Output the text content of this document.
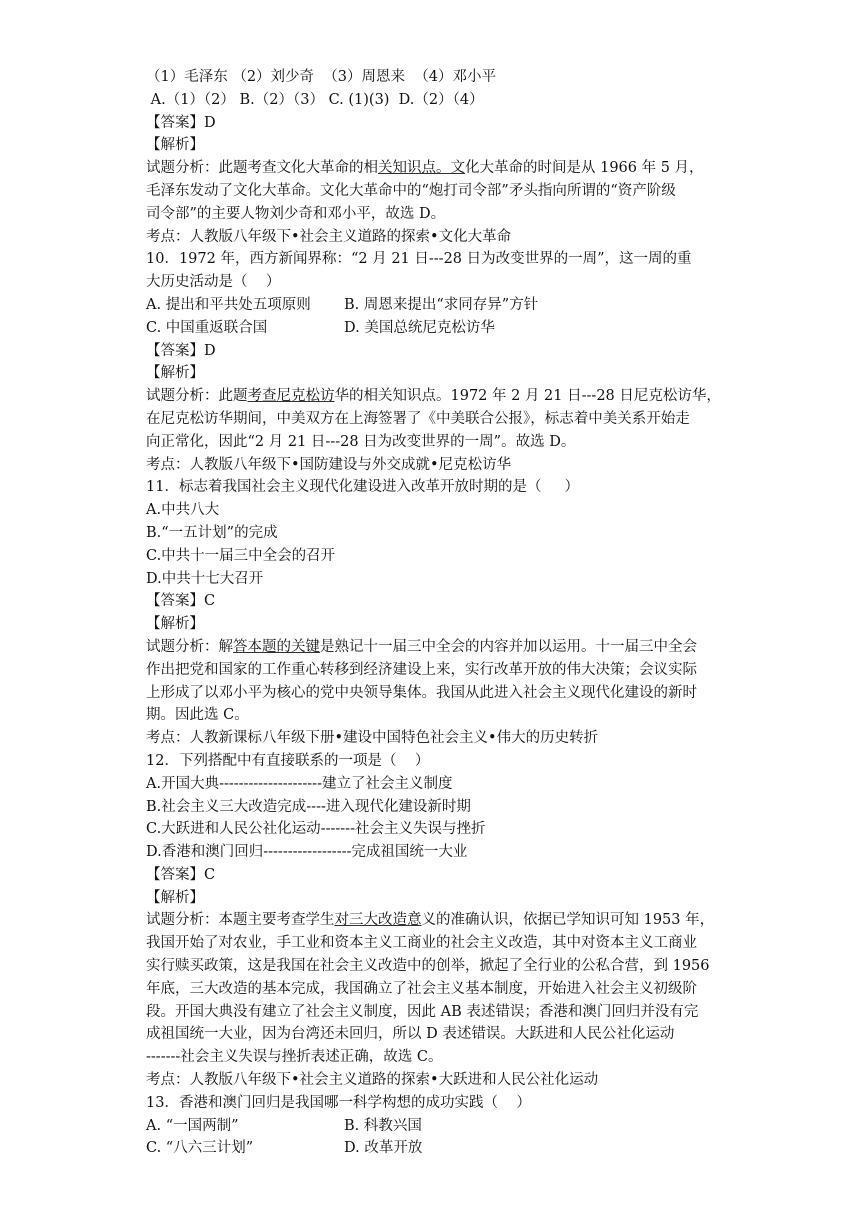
（1）毛泽东 （2）刘少奇  （3）周恩来  （4）邓小平
A.（1）（2） B.（2）（3） C. (1)(3)  D.（2）（4）
【答案】D
【解析】
试题分析：此题考查文化大革命的相关知识点。文化大革命的时间是从 1966 年 5 月，
毛泽东发动了文化大革命。文化大革命中的“炮打司令部”矛头指向所谓的“资产阶级
司令部”的主要人物刘少奇和邓小平，故选 D。
考点：人教版八年级下•社会主义道路的探索•文化大革命
10．1972 年，西方新闻界称：“2 月 21 日---28 日为改变世界的一周”，这一周的重
大历史活动是（    ）
A. 提出和平共处五项原则	B. 周恩来提出“求同存异”方针
C. 中国重返联合国	D. 美国总统尼克松访华
【答案】D
【解析】
试题分析：此题考查尼克松访华的相关知识点。1972 年 2 月 21 日---28 日尼克松访华，
在尼克松访华期间，中美双方在上海签署了《中美联合公报》，标志着中美关系开始走
向正常化，因此“2 月 21 日---28 日为改变世界的一周”。故选 D。
考点：人教版八年级下•国防建设与外交成就•尼克松访华
11．标志着我国社会主义现代化建设进入改革开放时期的是（     ）
A.中共八大
B.“一五计划”的完成
C.中共十一届三中全会的召开
D.中共十七大召开
【答案】C
【解析】
试题分析：解答本题的关键是熟记十一届三中全会的内容并加以运用。十一届三中全会
作出把党和国家的工作重心转移到经济建设上来，实行改革开放的伟大决策；会议实际
上形成了以邓小平为核心的党中央领导集体。我国从此进入社会主义现代化建设的新时
期。因此选 C。
考点：人教新课标八年级下册•建设中国特色社会主义•伟大的历史转折
12．下列搭配中有直接联系的一项是（    ）
A.开国大典---------------------建立了社会主义制度
B.社会主义三大改造完成----进入现代化建设新时期
C.大跃进和人民公社化运动-------社会主义失误与挫折
D.香港和澳门回归------------------完成祖国统一大业
【答案】C
【解析】
试题分析：本题主要考查学生对三大改造意义的准确认识，依据已学知识可知 1953 年，
我国开始了对农业，手工业和资本主义工商业的社会主义改造，其中对资本主义工商业
实行赎买政策，这是我国在社会主义改造中的创举，掀起了全行业的公私合营，到 1956
年底，三大改造的基本完成，我国确立了社会主义基本制度，开始进入社会主义初级阶
段。开国大典没有建立了社会主义制度，因此 AB 表述错误；香港和澳门回归并没有完
成祖国统一大业，因为台湾还未回归，所以 D 表述错误。大跃进和人民公社化运动
-------社会主义失误与挫折表述正确，故选 C。
考点：人教版八年级下•社会主义道路的探索•大跃进和人民公社化运动
13．香港和澳门回归是我国哪一科学构想的成功实践（    ）
A. “一国两制”	B. 科教兴国
C. “八六三计划”	D. 改革开放
